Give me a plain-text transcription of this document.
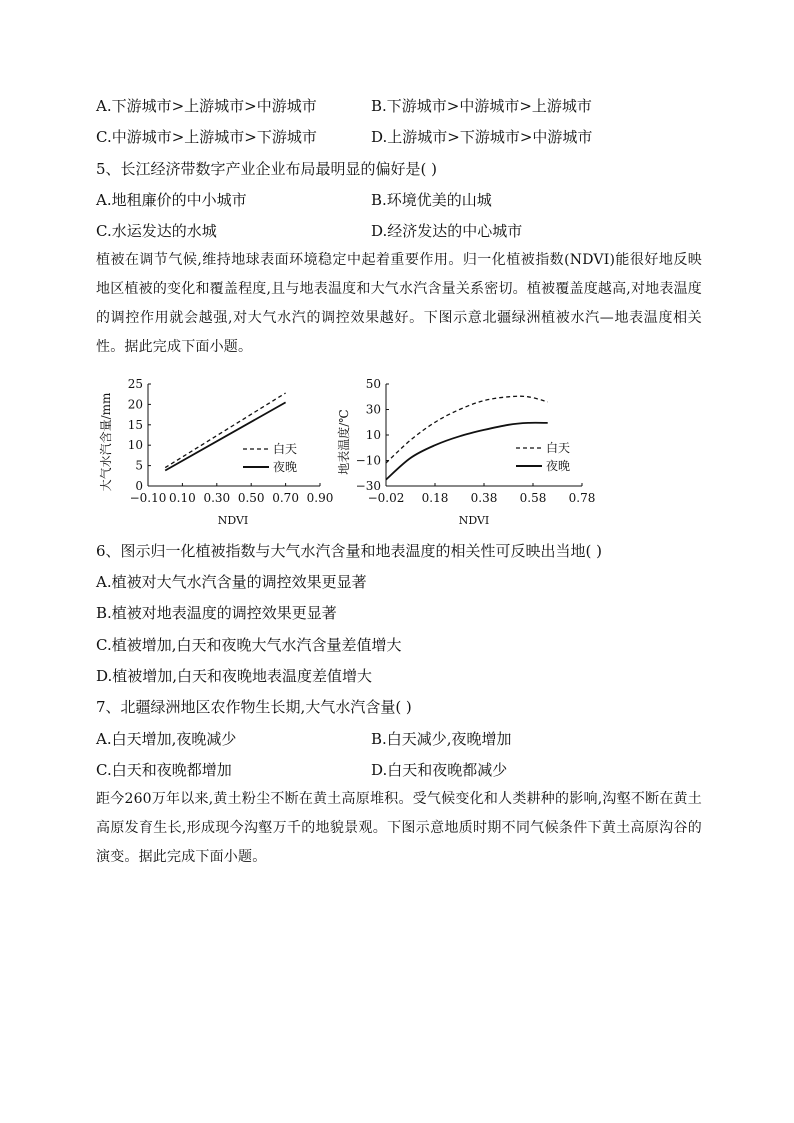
A.下游城市>上游城市>中游城市	B.下游城市>中游城市>上游城市
C.中游城市>上游城市>下游城市	D.上游城市>下游城市>中游城市
5、长江经济带数字产业企业布局最明显的偏好是( )
A.地租廉价的中小城市	B.环境优美的山城
C.水运发达的水城	D.经济发达的中心城市
植被在调节气候,维持地球表面环境稳定中起着重要作用。归一化植被指数(NDVI)能很好地反映地区植被的变化和覆盖程度,且与地表温度和大气水汽含量关系密切。植被覆盖度越高,对地表温度的调控作用就会越强,对大气水汽的调控效果越好。下图示意北疆绿洲植被水汽—地表温度相关性。据此完成下面小题。
0
5
10
15
20
25
−0.10 0.10 0.30 0.50 0.70 0.90
大气水汽含量/mm
NDVI
白天
夜晚
−30
−10
10
30
50
−0.02 0.18 0.38 0.58 0.78
地表温度/℃
NDVI
白天
夜晚
6、图示归一化植被指数与大气水汽含量和地表温度的相关性可反映出当地( )
A.植被对大气水汽含量的调控效果更显著
B.植被对地表温度的调控效果更显著
C.植被增加,白天和夜晚大气水汽含量差值增大
D.植被增加,白天和夜晚地表温度差值增大
7、北疆绿洲地区农作物生长期,大气水汽含量( )
A.白天增加,夜晚减少	B.白天减少,夜晚增加
C.白天和夜晚都增加	D.白天和夜晚都减少
距今260万年以来,黄土粉尘不断在黄土高原堆积。受气候变化和人类耕种的影响,沟壑不断在黄土高原发育生长,形成现今沟壑万千的地貌景观。下图示意地质时期不同气候条件下黄土高原沟谷的演变。据此完成下面小题。
